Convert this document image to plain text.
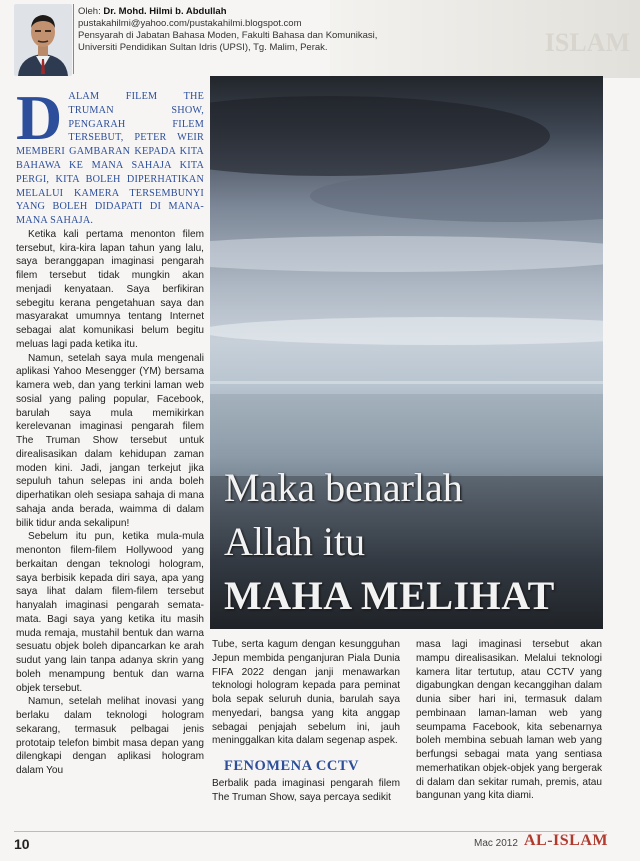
ISLAM
Oleh: Dr. Mohd. Hilmi b. Abdullah
pustakahilmi@yahoo.com/pustakahilmi.blogspot.com
Pensyarah di Jabatan Bahasa Moden, Fakulti Bahasa dan Komunikasi,
Universiti Pendidikan Sultan Idris (UPSI), Tg. Malim, Perak.
DALAM FILEM THE TRUMAN SHOW, PENGARAH FILEM TERSEBUT, PETER WEIR MEMBERI GAMBARAN KEPADA KITA BAHAWA KE MANA SAHAJA KITA PERGI, KITA BOLEH DIPERHATIKAN MELALUI KAMERA TERSEMBUNYI YANG BOLEH DIDAPATI DI MANA-MANA SAHAJA.

Ketika kali pertama menonton filem tersebut, kira-kira lapan tahun yang lalu, saya beranggapan imaginasi pengarah filem tersebut tidak mungkin akan menjadi kenyataan. Saya berfikiran sebegitu kerana pengetahuan saya dan masyarakat umumnya tentang Internet sebagai alat komunikasi belum begitu meluas lagi pada ketika itu.

Namun, setelah saya mula mengenali aplikasi Yahoo Mesengger (YM) bersama kamera web, dan yang terkini laman web sosial yang paling popular, Facebook, barulah saya mula memikirkan kerelevanan imaginasi pengarah filem The Truman Show tersebut untuk direalisasikan dalam kehidupan zaman moden kini. Jadi, jangan terkejut jika sepuluh tahun selepas ini anda boleh diperhatikan oleh sesiapa sahaja di mana sahaja anda berada, waimma di dalam bilik tidur anda sekalipun!

Sebelum itu pun, ketika mula-mula menonton filem-filem Hollywood yang berkaitan dengan teknologi hologram, saya berbisik kepada diri saya, apa yang saya lihat dalam filem-filem tersebut hanyalah imaginasi pengarah semata-mata. Bagi saya yang ketika itu masih muda remaja, mustahil bentuk dan warna sesuatu objek boleh dipancarkan ke arah sudut yang lain tanpa adanya skrin yang boleh menampung bentuk dan warna objek tersebut.

Namun, setelah melihat inovasi yang berlaku dalam teknologi hologram sekarang, termasuk pelbagai jenis prototaip telefon bimbit masa depan yang dilengkapi dengan aplikasi hologram dalam You

Maka benarlah
Allah itu
MAHA MELIHAT

Tube, serta kagum dengan kesungguhan Jepun membida penganjuran Piala Dunia FIFA 2022 dengan janji menawarkan teknologi hologram kepada para peminat bola sepak seluruh dunia, barulah saya menyedari, bangsa yang kita anggap sebagai penjajah sebelum ini, jauh meninggalkan kita dalam segenap aspek.

FENOMENA CCTV

Berbalik pada imaginasi pengarah filem The Truman Show, saya percaya sedikit

masa lagi imaginasi tersebut akan mampu direalisasikan. Melalui teknologi kamera litar tertutup, atau CCTV yang digabungkan dengan kecanggihan dalam dunia siber hari ini, termasuk dalam pembinaan laman-laman web yang seumpama Facebook, kita sebenarnya boleh membina sebuah laman web yang berfungsi sebagai mata yang sentiasa memerhatikan objek-objek yang bergerak di dalam dan sekitar rumah, premis, atau bangunan yang kita diami.

10	Mac 2012 AL-ISLAM
